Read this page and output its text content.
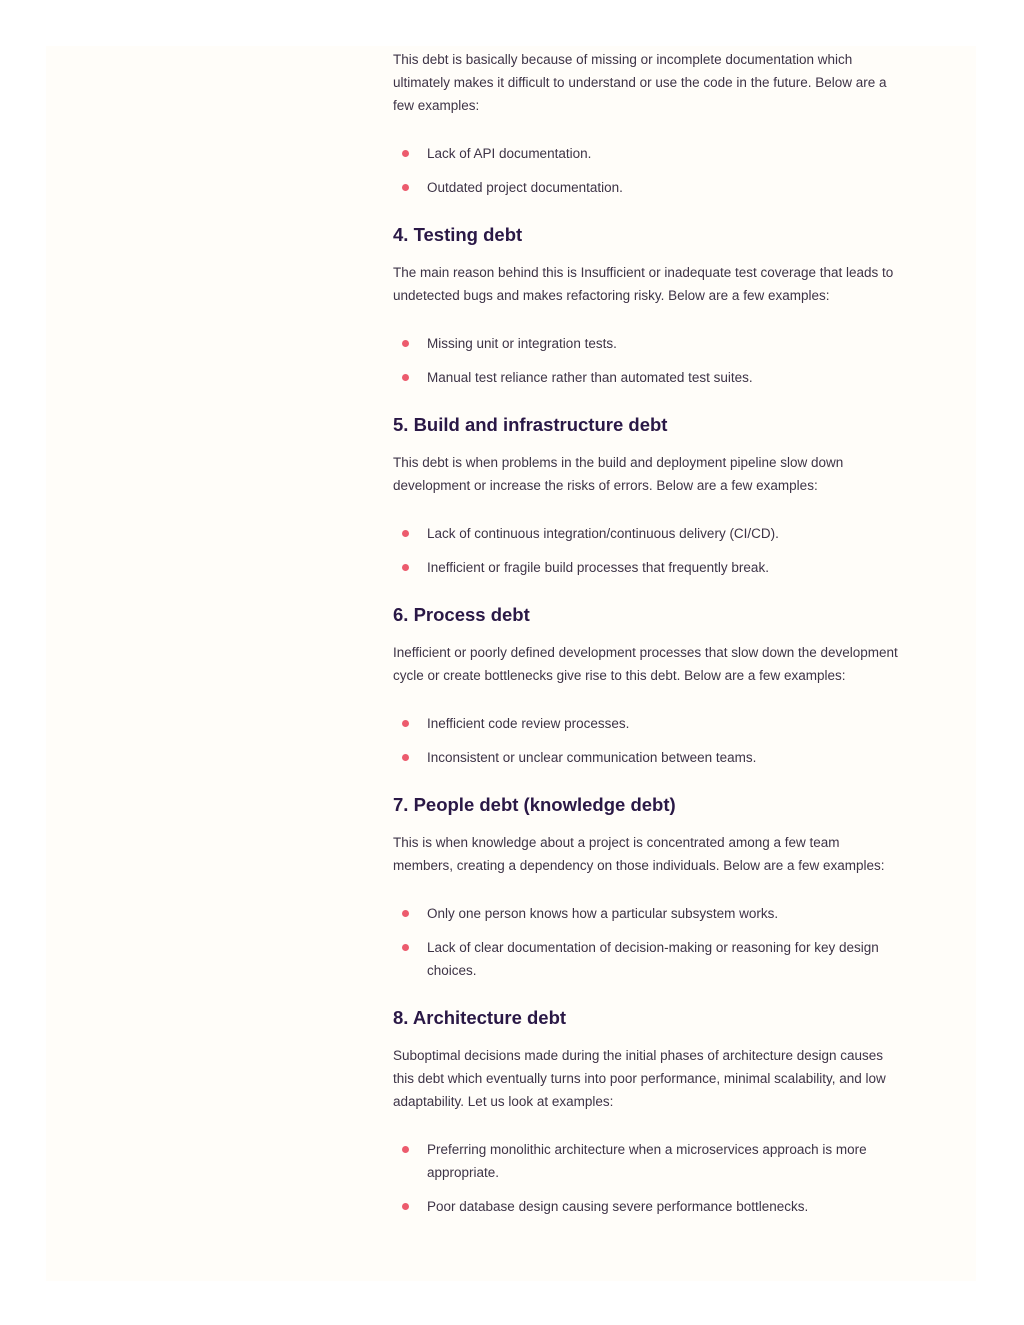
This debt is basically because of missing or incomplete documentation which ultimately makes it difficult to understand or use the code in the future. Below are a few examples:

Lack of API documentation.
Outdated project documentation.
4. Testing debt

The main reason behind this is Insufficient or inadequate test coverage that leads to undetected bugs and makes refactoring risky. Below are a few examples:

Missing unit or integration tests.
Manual test reliance rather than automated test suites.
5. Build and infrastructure debt

This debt is when problems in the build and deployment pipeline slow down development or increase the risks of errors. Below are a few examples:

Lack of continuous integration/continuous delivery (CI/CD).
Inefficient or fragile build processes that frequently break.
6. Process debt

Inefficient or poorly defined development processes that slow down the development cycle or create bottlenecks give rise to this debt. Below are a few examples:

Inefficient code review processes.
Inconsistent or unclear communication between teams.
7. People debt (knowledge debt)

This is when knowledge about a project is concentrated among a few team members, creating a dependency on those individuals. Below are a few examples:

Only one person knows how a particular subsystem works.
Lack of clear documentation of decision-making or reasoning for key design choices.
8. Architecture debt

Suboptimal decisions made during the initial phases of architecture design causes this debt which eventually turns into poor performance, minimal scalability, and low adaptability. Let us look at examples:

Preferring monolithic architecture when a microservices approach is more appropriate.
Poor database design causing severe performance bottlenecks.
